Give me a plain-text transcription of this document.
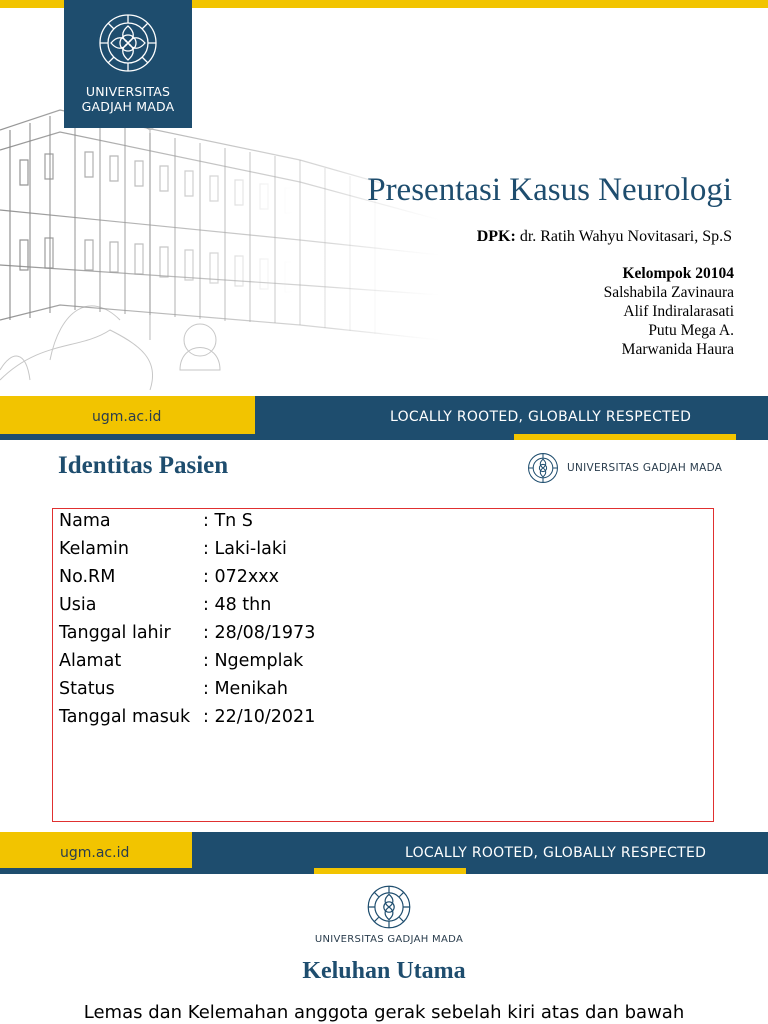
UNIVERSITAS
GADJAH MADA
Presentasi Kasus Neurologi
DPK: dr. Ratih Wahyu Novitasari, Sp.S
Kelompok 20104
Salshabila Zavinaura
Alif Indiralarasati
Putu Mega A.
Marwanida Haura
ugm.ac.id	LOCALLY ROOTED, GLOBALLY RESPECTED
Identitas Pasien	UNIVERSITAS GADJAH MADA
Nama	: Tn S
Kelamin	: Laki-laki
No.RM	: 072xxx
Usia	: 48 thn
Tanggal lahir	: 28/08/1973
Alamat	: Ngemplak
Status	: Menikah
Tanggal masuk : 22/10/2021
ugm.ac.id	LOCALLY ROOTED, GLOBALLY RESPECTED
UNIVERSITAS GADJAH MADA
Keluhan Utama
Lemas dan Kelemahan anggota gerak sebelah kiri atas dan bawah
